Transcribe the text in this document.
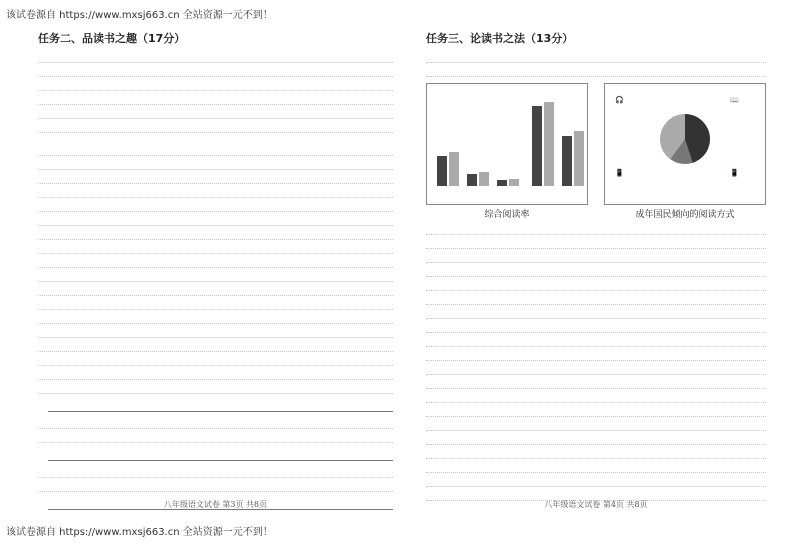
该试卷源自 https://www.mxsj663.cn 全站资源一元不到！
任务二、品读书之趣（17分）
八年级语文试卷 第3页 共8页
任务三、论读书之法（13分）
综合阅读率
🎧	📖
📱	📱
成年国民倾向的阅读方式
八年级语文试卷 第4页 共8页
该试卷源自 https://www.mxsj663.cn 全站资源一元不到！
